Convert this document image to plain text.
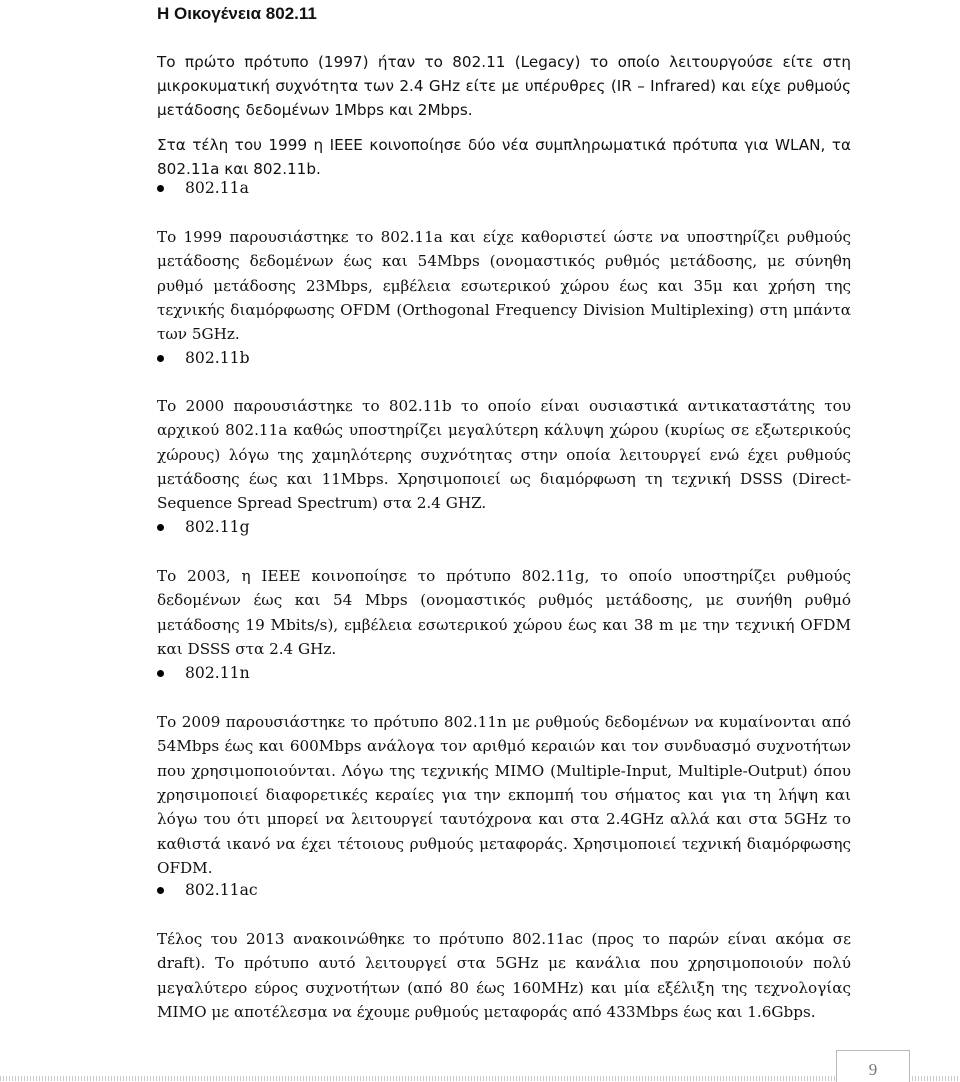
Η Οικογένεια 802.11

Το πρώτο πρότυπο (1997) ήταν το 802.11 (Legacy) το οποίο λειτουργούσε είτε στη μικροκυματική συχνότητα των 2.4 GHz είτε με υπέρυθρες (IR – Infrared) και είχε ρυθμούς μετάδοσης δεδομένων 1Mbps και 2Mbps.

Στα τέλη του 1999 η IEEE κοινοποίησε δύο νέα συμπληρωματικά πρότυπα για WLAN, τα 802.11a και 802.11b.

802.11a

Το 1999 παρουσιάστηκε το 802.11a και είχε καθοριστεί ώστε να υποστηρίζει ρυθμούς μετάδοσης δεδομένων έως και 54Mbps (ονομαστικός ρυθμός μετάδοσης, με σύνηθη ρυθμό μετάδοσης 23Mbps, εμβέλεια εσωτερικού χώρου έως και 35μ και χρήση της τεχνικής διαμόρφωσης OFDM (Orthogonal Frequency Division Multiplexing) στη μπάντα των 5GHz.

802.11b

Το 2000 παρουσιάστηκε το 802.11b το οποίο είναι ουσιαστικά αντικαταστάτης του αρχικού 802.11a καθώς υποστηρίζει μεγαλύτερη κάλυψη χώρου (κυρίως σε εξωτερικούς χώρους) λόγω της χαμηλότερης συχνότητας στην οποία λειτουργεί ενώ έχει ρυθμούς μετάδοσης έως και 11Mbps. Χρησιμοποιεί ως διαμόρφωση τη τεχνική DSSS (Direct-Sequence Spread Spectrum) στα 2.4 GHZ.

802.11g

Το 2003, η IEEE κοινοποίησε το πρότυπο 802.11g, το οποίο υποστηρίζει ρυθμούς δεδομένων έως και 54 Mbps (ονομαστικός ρυθμός μετάδοσης, με συνήθη ρυθμό μετάδοσης 19 Mbits/s), εμβέλεια εσωτερικού χώρου έως και 38 m με την τεχνική OFDM και DSSS στα 2.4 GHz.

802.11n

Το 2009 παρουσιάστηκε το πρότυπο 802.11n με ρυθμούς δεδομένων να κυμαίνονται από 54Mbps έως και 600Mbps ανάλογα τον αριθμό κεραιών και τον συνδυασμό συχνοτήτων που χρησιμοποιούνται. Λόγω της τεχνικής MIMO (Multiple-Input, Multiple-Output) όπου χρησιμοποιεί διαφορετικές κεραίες για την εκπομπή του σήματος και για τη λήψη και λόγω του ότι μπορεί να λειτουργεί ταυτόχρονα και στα 2.4GHz αλλά και στα 5GHz το καθιστά ικανό να έχει τέτοιους ρυθμούς μεταφοράς. Χρησιμοποιεί τεχνική διαμόρφωσης OFDM.

802.11ac

Τέλος του 2013 ανακοινώθηκε το πρότυπο 802.11ac (προς το παρών είναι ακόμα σε draft). Το πρότυπο αυτό λειτουργεί στα 5GHz με κανάλια που χρησιμοποιούν πολύ μεγαλύτερο εύρος συχνοτήτων (από 80 έως 160MHz) και μία εξέλιξη της τεχνολογίας MIMO με αποτέλεσμα να έχουμε ρυθμούς μεταφοράς από 433Mbps έως και 1.6Gbps.

9
